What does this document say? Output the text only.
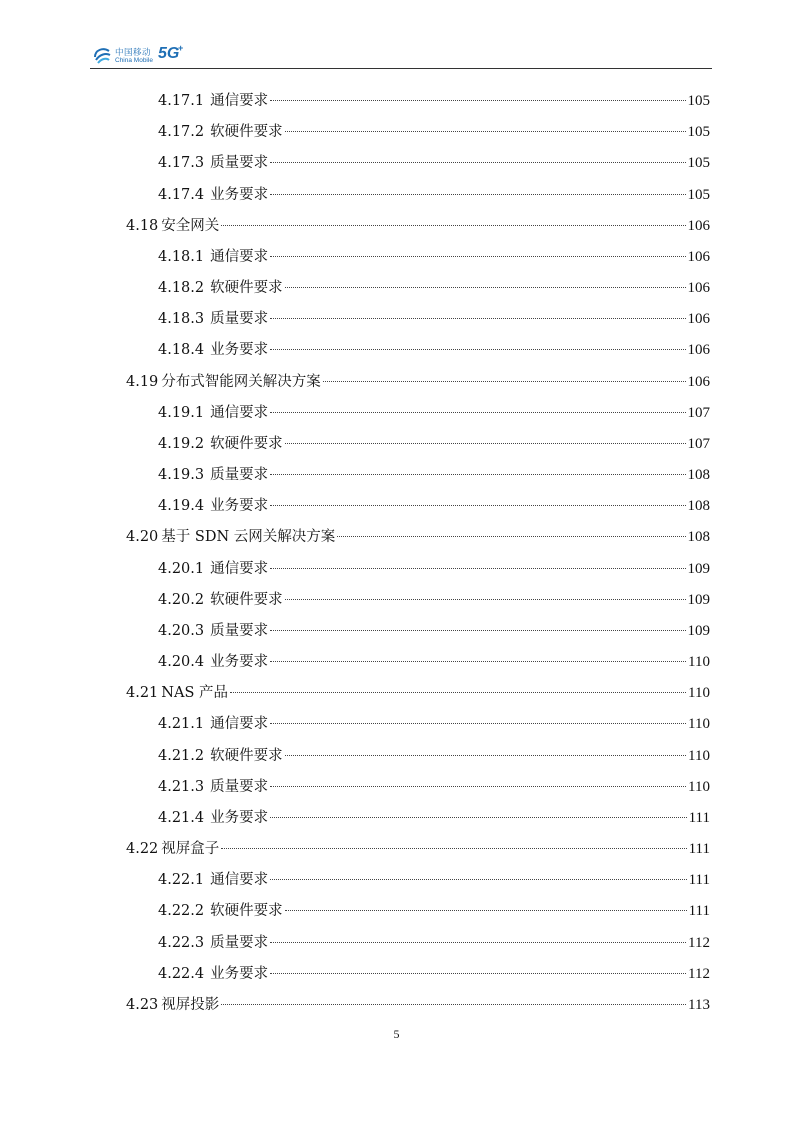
中国移动
China Mobile 5G
+
4.17.1 通信要求	105
4.17.2 软硬件要求	105
4.17.3 质量要求	105
4.17.4 业务要求	105
4.18 安全网关	106
4.18.1 通信要求	106
4.18.2 软硬件要求	106
4.18.3 质量要求	106
4.18.4 业务要求	106
4.19 分布式智能网关解决方案	106
4.19.1 通信要求	107
4.19.2 软硬件要求	107
4.19.3 质量要求	108
4.19.4 业务要求	108
4.20 基于 SDN 云网关解决方案	108
4.20.1 通信要求	109
4.20.2 软硬件要求	109
4.20.3 质量要求	109
4.20.4 业务要求	110
4.21 NAS 产品	110
4.21.1 通信要求	110
4.21.2 软硬件要求	110
4.21.3 质量要求	110
4.21.4 业务要求	111
4.22 视屏盒子	111
4.22.1 通信要求	111
4.22.2 软硬件要求	111
4.22.3 质量要求	112
4.22.4 业务要求	112
4.23 视屏投影	113
5
